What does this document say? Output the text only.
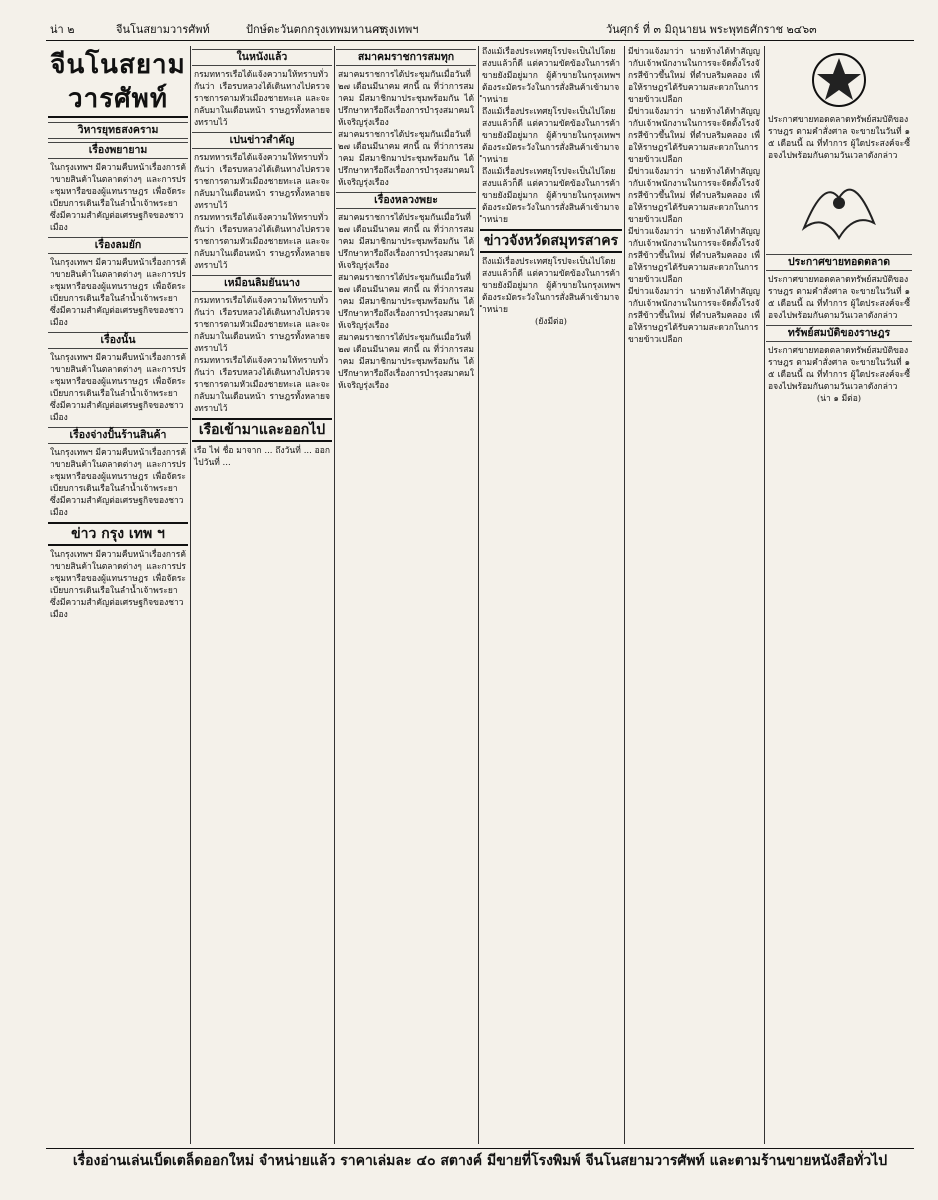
น่า ๒	จีนโนสยามวารศัพท์	ปักษ์ตะวันตกกรุงเทพมหานคร
กรุงเทพฯ	วันศุกร์ ที่ ๓ มิถุนายน พระพุทธศักราช ๒๔๖๓
จีนโนสยามวารศัพท์
วิหารยุทธสงคราม
เรื่องพยายาม
ในกรุงเทพฯ มีความคืบหน้าเรื่องการค้าขายสินค้าในตลาดต่างๆ และการประชุมหารือของผู้แทนราษฎร เพื่อจัดระเบียบการเดินเรือในลำน้ำเจ้าพระยา ซึ่งมีความสำคัญต่อเศรษฐกิจของชาวเมือง
เรื่องลมยัก
ในกรุงเทพฯ มีความคืบหน้าเรื่องการค้าขายสินค้าในตลาดต่างๆ และการประชุมหารือของผู้แทนราษฎร เพื่อจัดระเบียบการเดินเรือในลำน้ำเจ้าพระยา ซึ่งมีความสำคัญต่อเศรษฐกิจของชาวเมือง
เรื่องนั้น
ในกรุงเทพฯ มีความคืบหน้าเรื่องการค้าขายสินค้าในตลาดต่างๆ และการประชุมหารือของผู้แทนราษฎร เพื่อจัดระเบียบการเดินเรือในลำน้ำเจ้าพระยา ซึ่งมีความสำคัญต่อเศรษฐกิจของชาวเมือง
เรื่องจ่างปั้นร้านสินค้า
ในกรุงเทพฯ มีความคืบหน้าเรื่องการค้าขายสินค้าในตลาดต่างๆ และการประชุมหารือของผู้แทนราษฎร เพื่อจัดระเบียบการเดินเรือในลำน้ำเจ้าพระยา ซึ่งมีความสำคัญต่อเศรษฐกิจของชาวเมือง
ข่าว กรุง เทพ ฯ
ในกรุงเทพฯ มีความคืบหน้าเรื่องการค้าขายสินค้าในตลาดต่างๆ และการประชุมหารือของผู้แทนราษฎร เพื่อจัดระเบียบการเดินเรือในลำน้ำเจ้าพระยา ซึ่งมีความสำคัญต่อเศรษฐกิจของชาวเมือง
ในหนังแล้ว
กรมทหารเรือได้แจ้งความให้ทราบทั่วกันว่า เรือรบหลวงได้เดินทางไปตรวจราชการตามหัวเมืองชายทะเล และจะกลับมาในเดือนหน้า ราษฎรทั้งหลายจงทราบไว้
เปนข่าวสำคัญ
กรมทหารเรือได้แจ้งความให้ทราบทั่วกันว่า เรือรบหลวงได้เดินทางไปตรวจราชการตามหัวเมืองชายทะเล และจะกลับมาในเดือนหน้า ราษฎรทั้งหลายจงทราบไว้
กรมทหารเรือได้แจ้งความให้ทราบทั่วกันว่า เรือรบหลวงได้เดินทางไปตรวจราชการตามหัวเมืองชายทะเล และจะกลับมาในเดือนหน้า ราษฎรทั้งหลายจงทราบไว้
เหมือนลิมยันนาง
กรมทหารเรือได้แจ้งความให้ทราบทั่วกันว่า เรือรบหลวงได้เดินทางไปตรวจราชการตามหัวเมืองชายทะเล และจะกลับมาในเดือนหน้า ราษฎรทั้งหลายจงทราบไว้
กรมทหารเรือได้แจ้งความให้ทราบทั่วกันว่า เรือรบหลวงได้เดินทางไปตรวจราชการตามหัวเมืองชายทะเล และจะกลับมาในเดือนหน้า ราษฎรทั้งหลายจงทราบไว้
เรือเข้ามาและออกไป
เรือ ไฟ ชื่อ มาจาก ... ถึงวันที่ ... ออกไปวันที่ ...
สมาคมราชการสมทุก
สมาคมราชการได้ประชุมกันเมื่อวันที่ ๒๗ เดือนมีนาคม ศกนี้ ณ ที่ว่าการสมาคม มีสมาชิกมาประชุมพร้อมกัน ได้ปรึกษาหารือถึงเรื่องการบำรุงสมาคมให้เจริญรุ่งเรือง
สมาคมราชการได้ประชุมกันเมื่อวันที่ ๒๗ เดือนมีนาคม ศกนี้ ณ ที่ว่าการสมาคม มีสมาชิกมาประชุมพร้อมกัน ได้ปรึกษาหารือถึงเรื่องการบำรุงสมาคมให้เจริญรุ่งเรือง
เรื่องหลวงพยะ
สมาคมราชการได้ประชุมกันเมื่อวันที่ ๒๗ เดือนมีนาคม ศกนี้ ณ ที่ว่าการสมาคม มีสมาชิกมาประชุมพร้อมกัน ได้ปรึกษาหารือถึงเรื่องการบำรุงสมาคมให้เจริญรุ่งเรือง
สมาคมราชการได้ประชุมกันเมื่อวันที่ ๒๗ เดือนมีนาคม ศกนี้ ณ ที่ว่าการสมาคม มีสมาชิกมาประชุมพร้อมกัน ได้ปรึกษาหารือถึงเรื่องการบำรุงสมาคมให้เจริญรุ่งเรือง
สมาคมราชการได้ประชุมกันเมื่อวันที่ ๒๗ เดือนมีนาคม ศกนี้ ณ ที่ว่าการสมาคม มีสมาชิกมาประชุมพร้อมกัน ได้ปรึกษาหารือถึงเรื่องการบำรุงสมาคมให้เจริญรุ่งเรือง
ถึงแม้เรื่องประเทศยุโรปจะเป็นไปโดยสงบแล้วก็ดี แต่ความขัดข้องในการค้าขายยังมีอยู่มาก ผู้ค้าขายในกรุงเทพฯ ต้องระมัดระวังในการสั่งสินค้าเข้ามาจำหน่าย
ถึงแม้เรื่องประเทศยุโรปจะเป็นไปโดยสงบแล้วก็ดี แต่ความขัดข้องในการค้าขายยังมีอยู่มาก ผู้ค้าขายในกรุงเทพฯ ต้องระมัดระวังในการสั่งสินค้าเข้ามาจำหน่าย
ถึงแม้เรื่องประเทศยุโรปจะเป็นไปโดยสงบแล้วก็ดี แต่ความขัดข้องในการค้าขายยังมีอยู่มาก ผู้ค้าขายในกรุงเทพฯ ต้องระมัดระวังในการสั่งสินค้าเข้ามาจำหน่าย
ข่าวจังหวัดสมุทรสาคร
ถึงแม้เรื่องประเทศยุโรปจะเป็นไปโดยสงบแล้วก็ดี แต่ความขัดข้องในการค้าขายยังมีอยู่มาก ผู้ค้าขายในกรุงเทพฯ ต้องระมัดระวังในการสั่งสินค้าเข้ามาจำหน่าย
(ยังมีต่อ)
มีข่าวแจ้งมาว่า นายห้างได้ทำสัญญากับเจ้าพนักงานในการจะจัดตั้งโรงจักรสีข้าวขึ้นใหม่ ที่ตำบลริมคลอง เพื่อให้ราษฎรได้รับความสะดวกในการขายข้าวเปลือก
มีข่าวแจ้งมาว่า นายห้างได้ทำสัญญากับเจ้าพนักงานในการจะจัดตั้งโรงจักรสีข้าวขึ้นใหม่ ที่ตำบลริมคลอง เพื่อให้ราษฎรได้รับความสะดวกในการขายข้าวเปลือก
มีข่าวแจ้งมาว่า นายห้างได้ทำสัญญากับเจ้าพนักงานในการจะจัดตั้งโรงจักรสีข้าวขึ้นใหม่ ที่ตำบลริมคลอง เพื่อให้ราษฎรได้รับความสะดวกในการขายข้าวเปลือก
มีข่าวแจ้งมาว่า นายห้างได้ทำสัญญากับเจ้าพนักงานในการจะจัดตั้งโรงจักรสีข้าวขึ้นใหม่ ที่ตำบลริมคลอง เพื่อให้ราษฎรได้รับความสะดวกในการขายข้าวเปลือก
มีข่าวแจ้งมาว่า นายห้างได้ทำสัญญากับเจ้าพนักงานในการจะจัดตั้งโรงจักรสีข้าวขึ้นใหม่ ที่ตำบลริมคลอง เพื่อให้ราษฎรได้รับความสะดวกในการขายข้าวเปลือก
ประกาศขายทอดตลาดทรัพย์สมบัติของราษฎร ตามคำสั่งศาล จะขายในวันที่ ๑๕ เดือนนี้ ณ ที่ทำการ ผู้ใดประสงค์จะซื้อจงไปพร้อมกันตามวันเวลาดังกล่าว
ประกาศขายทอดตลาด
ประกาศขายทอดตลาดทรัพย์สมบัติของราษฎร ตามคำสั่งศาล จะขายในวันที่ ๑๕ เดือนนี้ ณ ที่ทำการ ผู้ใดประสงค์จะซื้อจงไปพร้อมกันตามวันเวลาดังกล่าว
ทรัพย์สมบัติของราษฎร
ประกาศขายทอดตลาดทรัพย์สมบัติของราษฎร ตามคำสั่งศาล จะขายในวันที่ ๑๕ เดือนนี้ ณ ที่ทำการ ผู้ใดประสงค์จะซื้อจงไปพร้อมกันตามวันเวลาดังกล่าว
(น่า ๑ มีต่อ)
เรื่องอ่านเล่นเบ็ดเตล็ดออกใหม่ จำหน่ายแล้ว ราคาเล่มละ ๔๐ สตางค์ มีขายที่โรงพิมพ์ จีนโนสยามวารศัพท์ และตามร้านขายหนังสือทั่วไป
